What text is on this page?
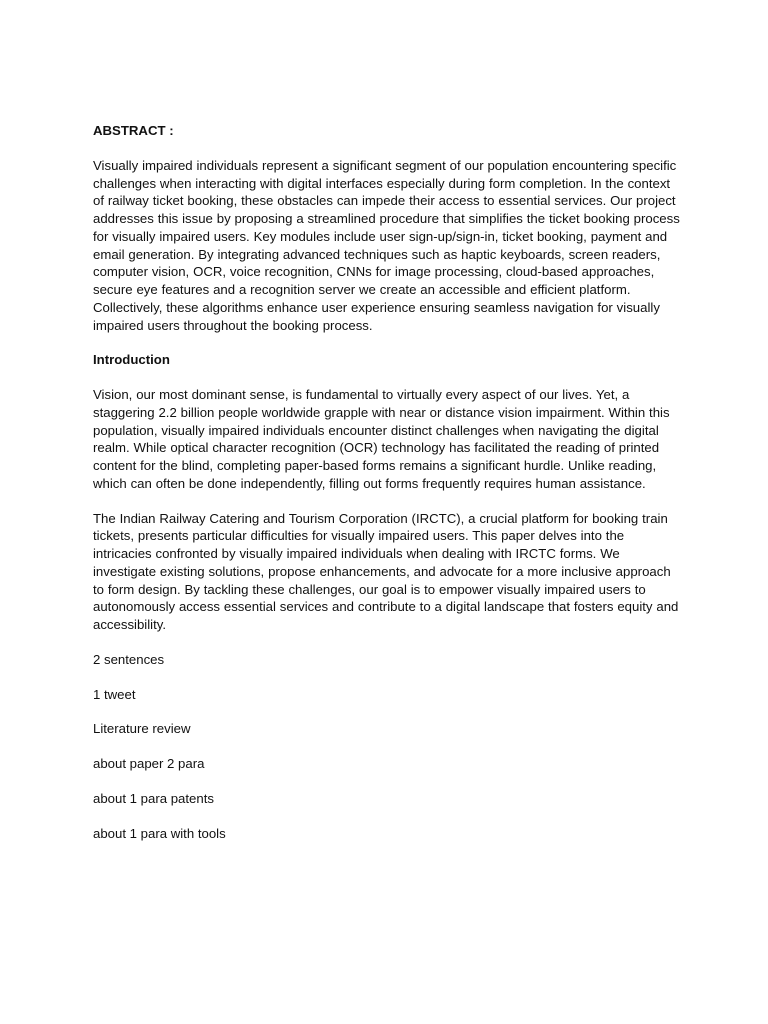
ABSTRACT :
Visually impaired individuals represent a significant segment of our population encountering specific challenges when interacting with digital interfaces especially during form completion. In the context of railway ticket booking, these obstacles can impede their access to essential services. Our project addresses this issue by proposing a streamlined procedure that simplifies the ticket booking process for visually impaired users. Key modules include user sign-up/sign-in, ticket booking, payment and email generation. By integrating advanced techniques such as haptic keyboards, screen readers, computer vision, OCR, voice recognition, CNNs for image processing, cloud-based approaches, secure eye features and a recognition server we create an accessible and efficient platform. Collectively, these algorithms enhance user experience ensuring seamless navigation for visually impaired users throughout the booking process.
Introduction
Vision, our most dominant sense, is fundamental to virtually every aspect of our lives. Yet, a staggering 2.2 billion people worldwide grapple with near or distance vision impairment. Within this population, visually impaired individuals encounter distinct challenges when navigating the digital realm. While optical character recognition (OCR) technology has facilitated the reading of printed content for the blind, completing paper-based forms remains a significant hurdle. Unlike reading, which can often be done independently, filling out forms frequently requires human assistance.
The Indian Railway Catering and Tourism Corporation (IRCTC), a crucial platform for booking train tickets, presents particular difficulties for visually impaired users. This paper delves into the intricacies confronted by visually impaired individuals when dealing with IRCTC forms. We investigate existing solutions, propose enhancements, and advocate for a more inclusive approach to form design. By tackling these challenges, our goal is to empower visually impaired users to autonomously access essential services and contribute to a digital landscape that fosters equity and accessibility.
2 sentences
1 tweet
Literature review
about paper 2 para
about 1 para patents
about 1 para with tools
